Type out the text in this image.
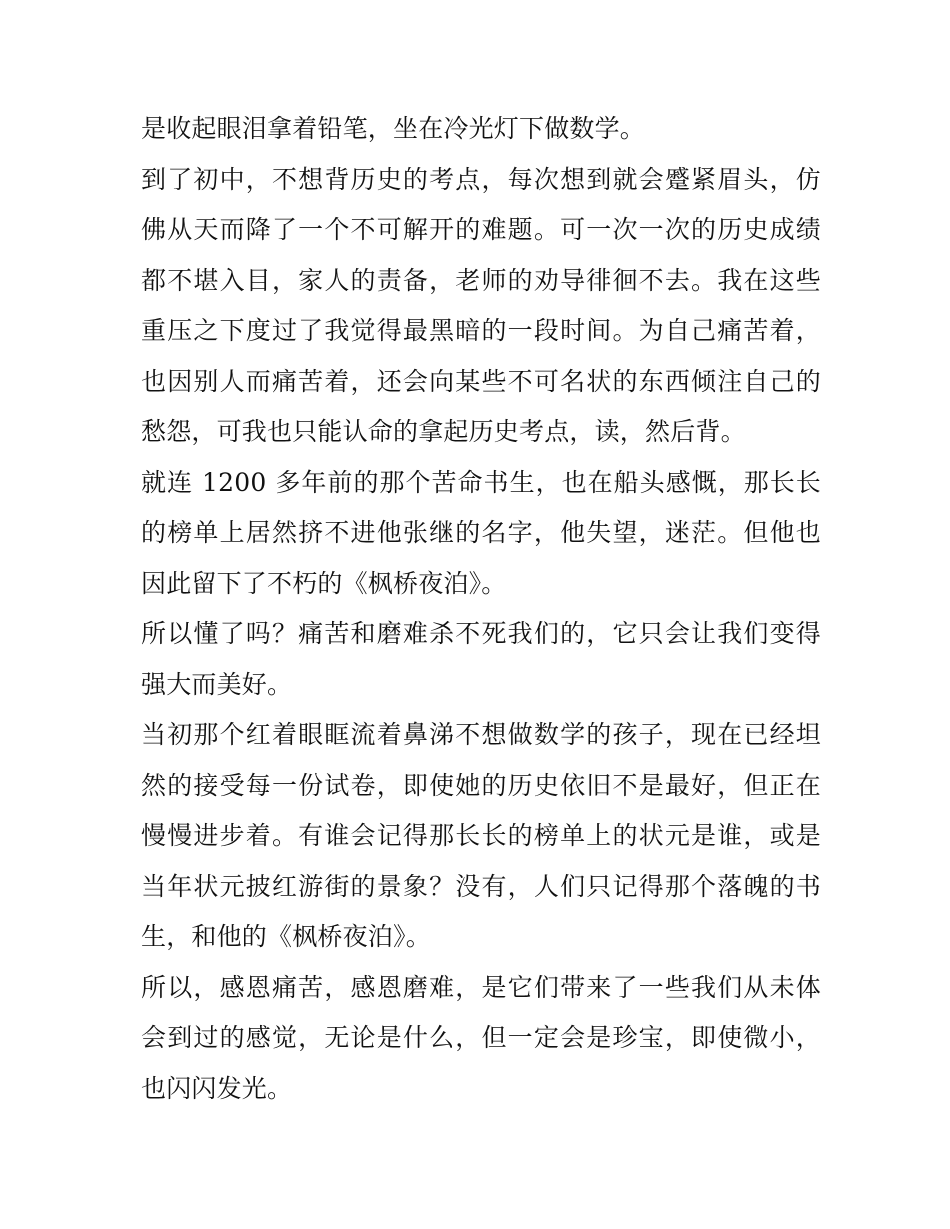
是收起眼泪拿着铅笔，坐在冷光灯下做数学。

到了初中，不想背历史的考点，每次想到就会蹙紧眉头，仿佛从天而降了一个不可解开的难题。可一次一次的历史成绩都不堪入目，家人的责备，老师的劝导徘徊不去。我在这些重压之下度过了我觉得最黑暗的一段时间。为自己痛苦着，也因别人而痛苦着，还会向某些不可名状的东西倾注自己的愁怨，可我也只能认命的拿起历史考点，读，然后背。

就连 1200 多年前的那个苦命书生，也在船头感慨，那长长的榜单上居然挤不进他张继的名字，他失望，迷茫。但他也因此留下了不朽的《枫桥夜泊》。

所以懂了吗？痛苦和磨难杀不死我们的，它只会让我们变得强大而美好。

当初那个红着眼眶流着鼻涕不想做数学的孩子，现在已经坦然的接受每一份试卷，即使她的历史依旧不是最好，但正在慢慢进步着。有谁会记得那长长的榜单上的状元是谁，或是当年状元披红游街的景象？没有，人们只记得那个落魄的书生，和他的《枫桥夜泊》。

所以，感恩痛苦，感恩磨难，是它们带来了一些我们从未体会到过的感觉，无论是什么，但一定会是珍宝，即使微小，也闪闪发光。
